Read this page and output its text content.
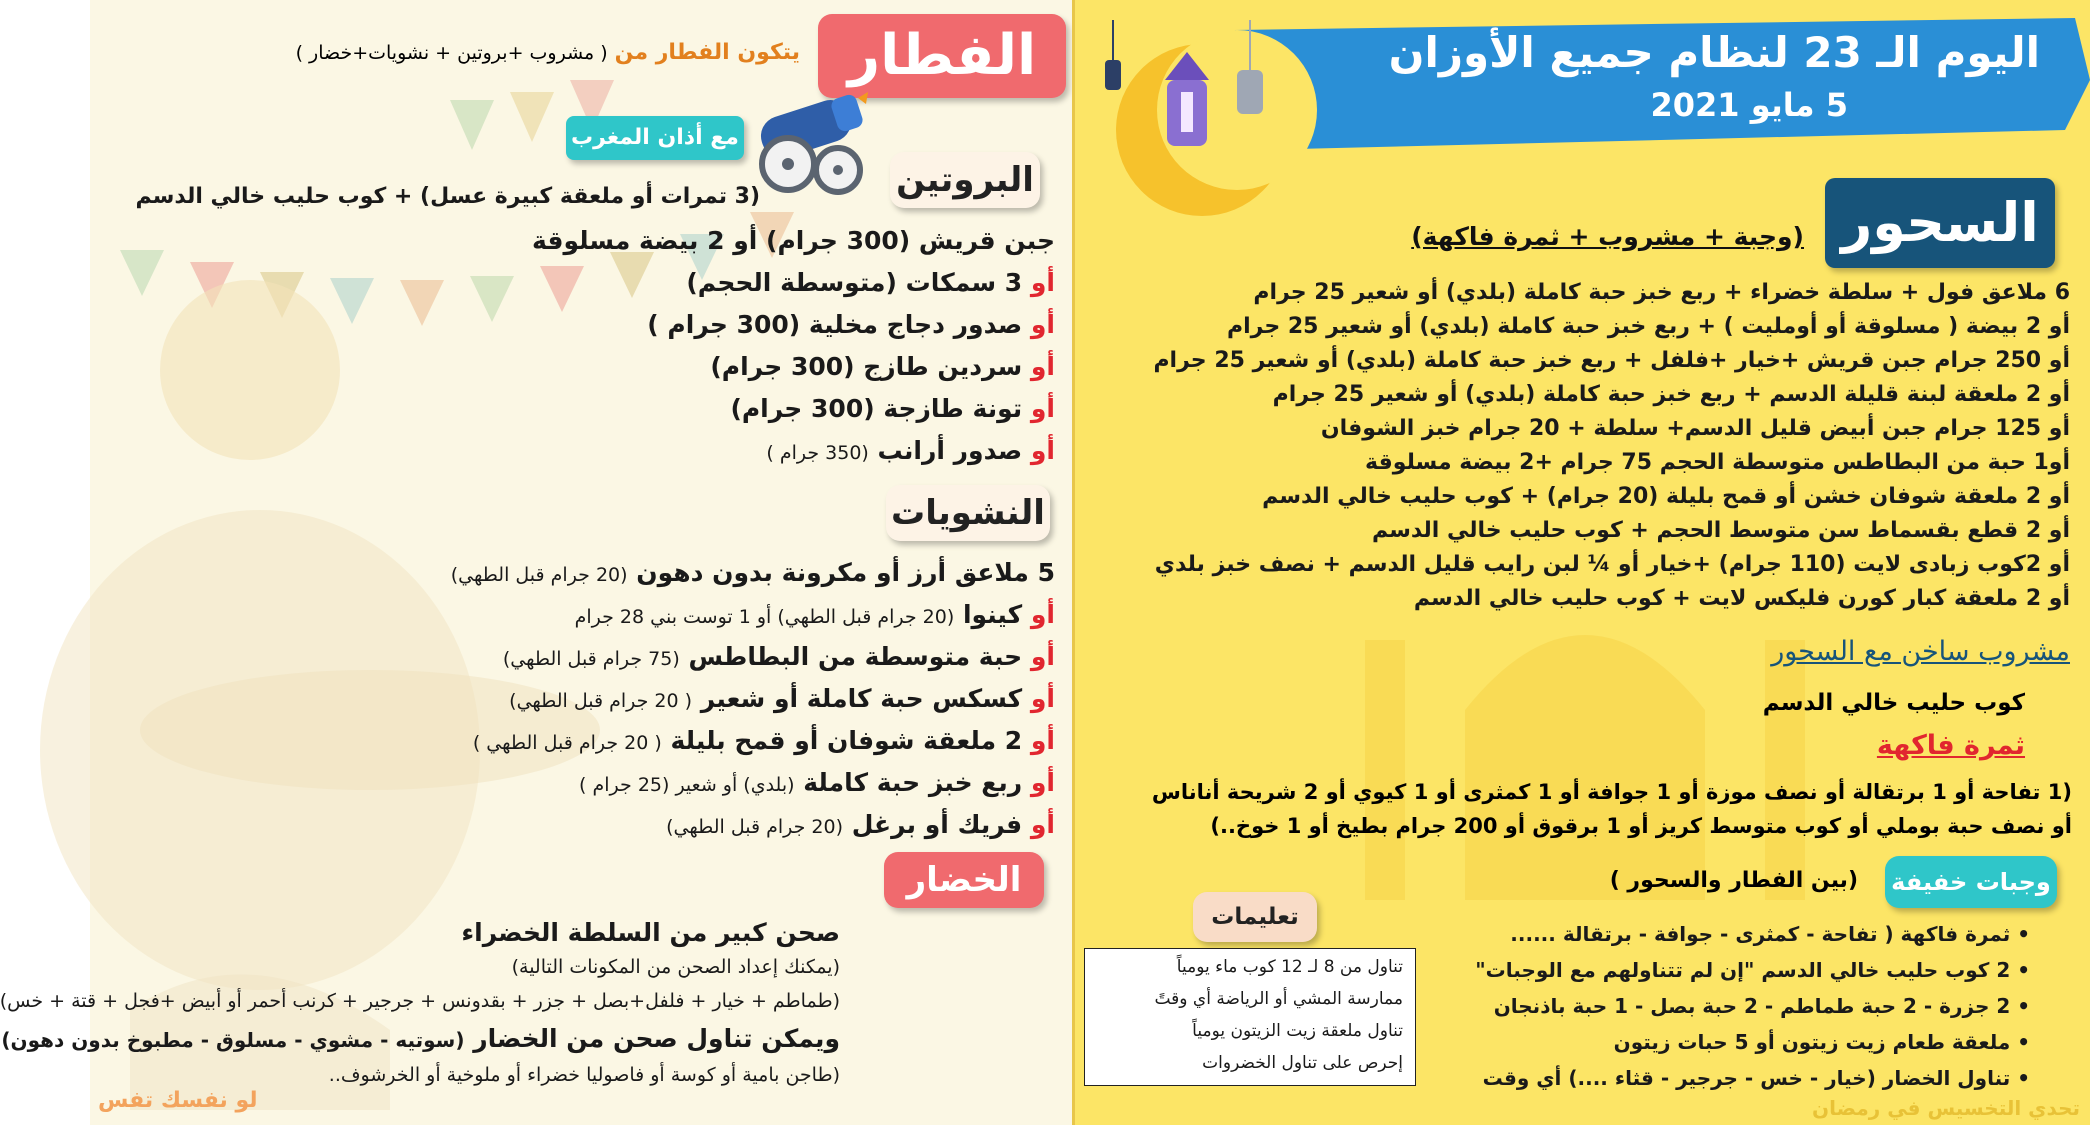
الفطار
يتكون الفطار من ( مشروب +بروتين + نشويات+خضار )
مع أذان المغرب
البروتين
(3 تمرات أو ملعقة كبيرة عسل) + كوب حليب خالي الدسم
جبن قريش (300 جرام) أو 2 بيضة مسلوقة
أو 3 سمكات (متوسطة الحجم)
أو صدور دجاج مخلية (300 جرام )
أو سردين طازج (300 جرام)
أو تونة طازجة (300 جرام)
أو صدور أرانب (350 جرام )
النشويات
5 ملاعق أرز أو مكرونة بدون دهون (20 جرام قبل الطهي)
أو كينوا (20 جرام قبل الطهي) أو 1 توست بني 28 جرام
أو حبة متوسطة من البطاطس (75 جرام قبل الطهي)
أو كسكس حبة كاملة أو شعير ( 20 جرام قبل الطهي)
أو 2 ملعقة شوفان أو قمح بليلة ( 20 جرام قبل الطهي )
أو ربع خبز حبة كاملة (بلدي) أو شعير (25 جرام )
أو فريك أو برغل (20 جرام قبل الطهي)
الخضار
صحن كبير من السلطة الخضراء
(يمكنك إعداد الصحن من المكونات التالية)
(طماطم + خيار + فلفل+بصل + جزر + بقدونس + جرجير + كرنب أحمر أو أبيض +فجل + قتة + خس)
ويمكن تناول صحن من الخضار (سوتيه - مشوي - مسلوق - مطبوخ بدون دهون)
(طاجن بامية أو كوسة أو فاصوليا خضراء أو ملوخية أو الخرشوف..
لو نفسك تفس
اليوم الـ 23 لنظام جميع الأوزان
5 مايو 2021
السحور
(وجبة + مشروب + ثمرة فاكهة)
6 ملاعق فول + سلطة خضراء + ربع خبز حبة كاملة (بلدي) أو شعير 25 جرام
أو 2 بيضة ( مسلوقة أو أومليت ) + ربع خبز حبة كاملة (بلدي) أو شعير 25 جرام
أو 250 جرام جبن قريش +خيار +فلفل + ربع خبز حبة كاملة (بلدي) أو شعير 25 جرام
أو 2 ملعقة لبنة قليلة الدسم + ربع خبز حبة كاملة (بلدي) أو شعير 25 جرام
أو 125 جرام جبن أبيض قليل الدسم+ سلطة + 20 جرام خبز الشوفان
أو1 حبة من البطاطس متوسطة الحجم 75 جرام +2 بيضة مسلوقة
أو 2 ملعقة شوفان خشن أو قمح بليلة (20 جرام) + كوب حليب خالي الدسم
أو 2 قطع بقسماط سن متوسط الحجم + كوب حليب خالي الدسم
أو 2كوب زبادى لايت (110 جرام) +خيار أو ¼ لبن رايب قليل الدسم + نصف خبز بلدي
أو 2 ملعقة كبار كورن فليكس لايت + كوب حليب خالي الدسم
مشروب ساخن مع السحور
كوب حليب خالي الدسم
ثمرة فاكهة
(1 تفاحة أو 1 برتقالة أو نصف موزة أو 1 جوافة أو 1 كمثرى أو 1 كيوي أو 2 شريحة أناناس
أو نصف حبة بوملي أو كوب متوسط كريز أو 1 برقوق أو 200 جرام بطيخ أو 1 خوخ..)
وجبات خفيفة
(بين الفطار والسحور )
• ثمرة فاكهة ( تفاحة - كمثرى - جوافة - برتقالة ......
• 2 كوب حليب خالي الدسم "إن لم تتناولهم مع الوجبات"
• 2 جزرة - 2 حبة طماطم - 2 حبة بصل - 1 حبة باذنجان
• ملعقة طعام زيت زيتون أو 5 حبات زيتون
• تناول الخضار (خيار - خس - جرجير - قثاء ....) أي وقت
تعليمات
تناول من 8 لـ 12 كوب ماء يومياً
ممارسة المشي أو الرياضة أي وقتً
تناول ملعقة زيت الزيتون يومياً
إحرص على تناول الخضروات
تحدي التخسيس في رمضان
